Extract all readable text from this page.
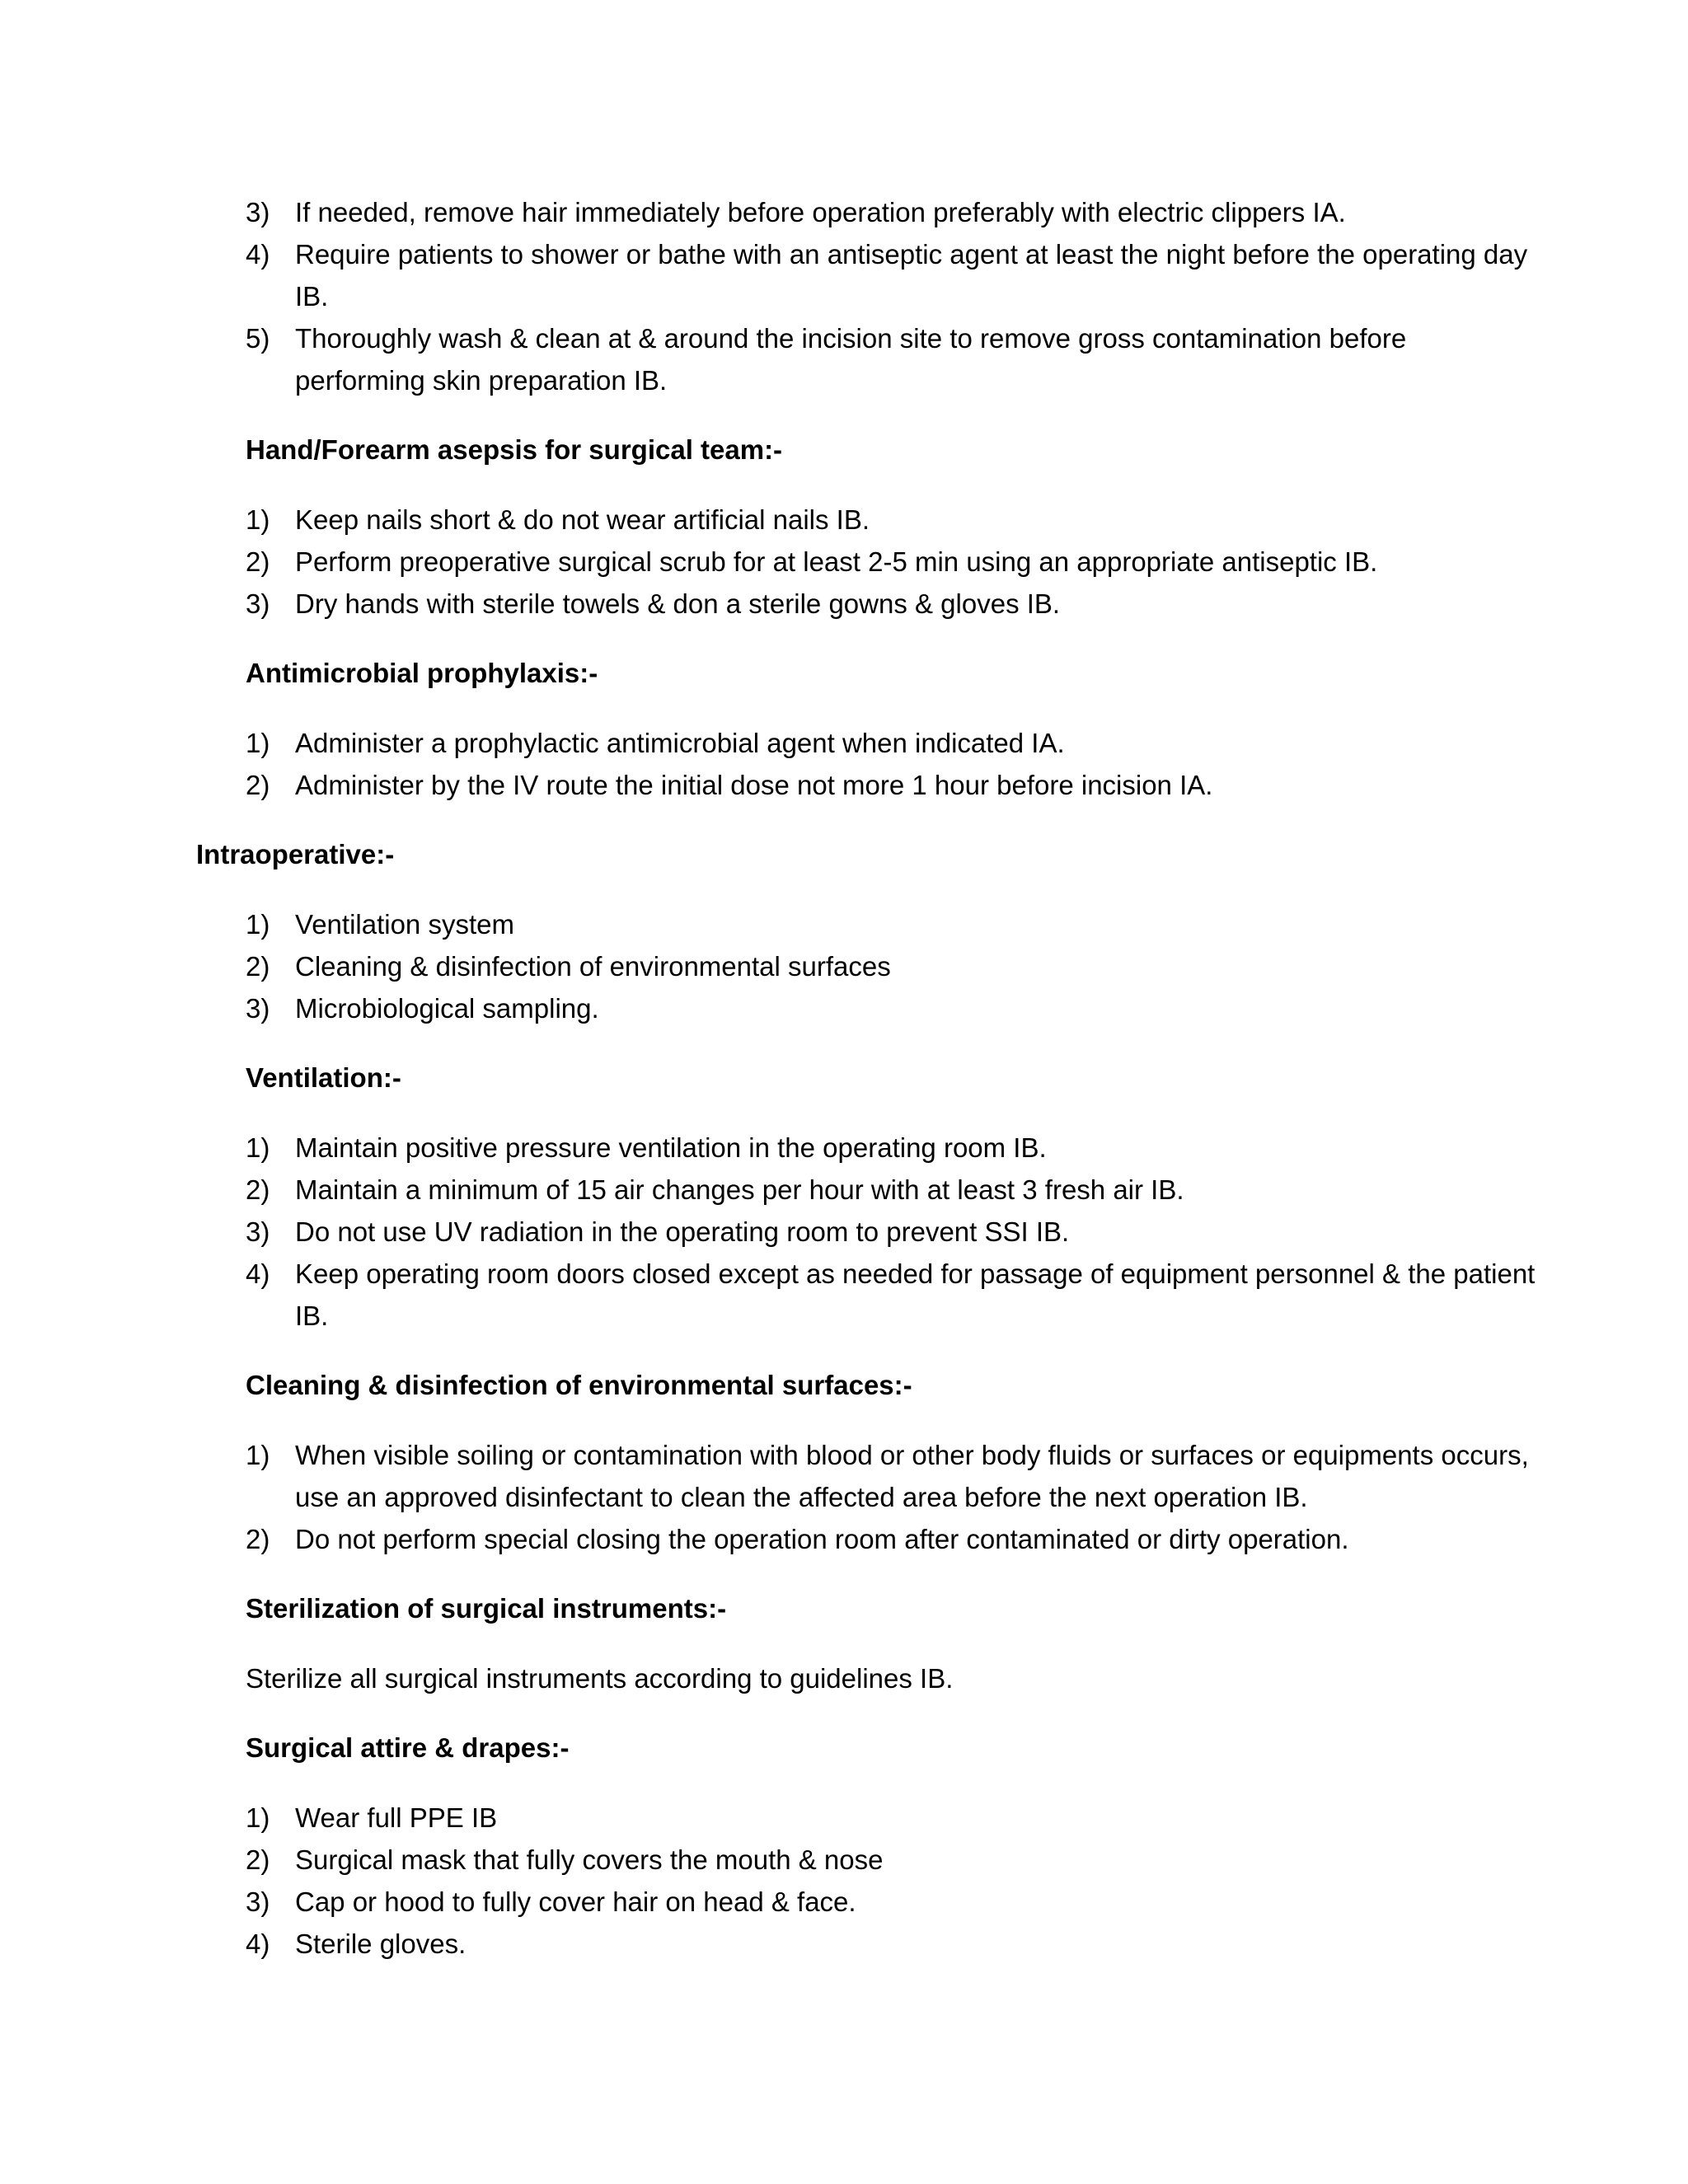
3) If needed, remove hair immediately before operation preferably with electric clippers IA.
4) Require patients to shower or bathe with an antiseptic agent at least the night before the operating day IB.
5) Thoroughly wash & clean at & around the incision site to remove gross contamination before performing skin preparation IB.
Hand/Forearm asepsis for surgical team:-
1) Keep nails short & do not wear artificial nails IB.
2) Perform preoperative surgical scrub for at least 2-5 min using an appropriate antiseptic IB.
3) Dry hands with sterile towels & don a sterile gowns & gloves IB.
Antimicrobial prophylaxis:-
1) Administer a prophylactic antimicrobial agent when indicated IA.
2) Administer by the IV route the initial dose not more 1 hour before incision IA.
Intraoperative:-
1) Ventilation system
2) Cleaning & disinfection of environmental surfaces
3) Microbiological sampling.
Ventilation:-
1) Maintain positive pressure ventilation in the operating room IB.
2) Maintain a minimum of 15 air changes per hour with at least 3 fresh air IB.
3) Do not use UV radiation in the operating room to prevent SSI IB.
4) Keep operating room doors closed except as needed for passage of equipment personnel & the patient IB.
Cleaning & disinfection of environmental surfaces:-
1) When visible soiling or contamination with blood or other body fluids or surfaces or equipments occurs, use an approved disinfectant to clean the affected area before the next operation IB.
2) Do not perform special closing the operation room after contaminated or dirty operation.
Sterilization of surgical instruments:-
Sterilize all surgical instruments according to guidelines IB.
Surgical attire & drapes:-
1) Wear full PPE IB
2) Surgical mask that fully covers the mouth & nose
3) Cap or hood to fully cover hair on head & face.
4) Sterile gloves.
